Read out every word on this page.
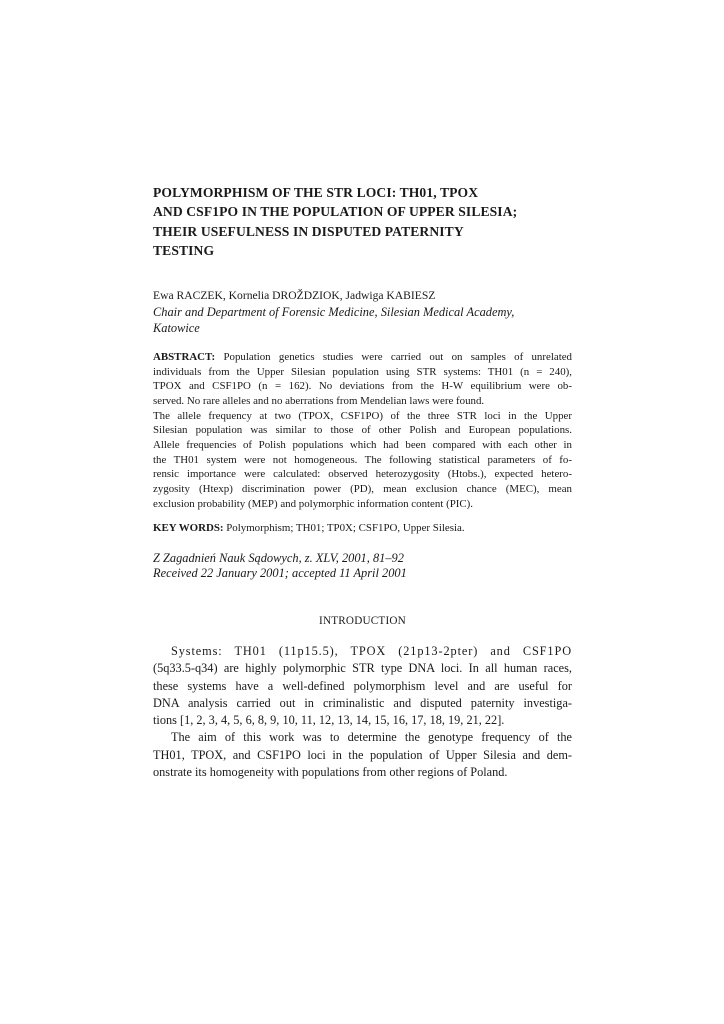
POLYMORPHISM OF THE STR LOCI: TH01, TPOX
AND CSF1PO IN THE POPULATION OF UPPER SILESIA;
THEIR USEFULNESS IN DISPUTED PATERNITY
TESTING
Ewa RACZEK, Kornelia DROŽDZIOK, Jadwiga KABIESZ
Chair and Department of Forensic Medicine, Silesian Medical Academy,
Katowice
ABSTRACT: Population genetics studies were carried out on samples of unrelated
individuals from the Upper Silesian population using STR systems: TH01 (n = 240),
TPOX and CSF1PO (n = 162). No deviations from the H-W equilibrium were ob-
served. No rare alleles and no aberrations from Mendelian laws were found.
The allele frequency at two (TPOX, CSF1PO) of the three STR loci in the Upper
Silesian population was similar to those of other Polish and European populations.
Allele frequencies of Polish populations which had been compared with each other in
the TH01 system were not homogeneous. The following statistical parameters of fo-
rensic importance were calculated: observed heterozygosity (Htobs.), expected hetero-
zygosity (Htexp) discrimination power (PD), mean exclusion chance (MEC), mean
exclusion probability (MEP) and polymorphic information content (PIC).
KEY WORDS: Polymorphism; TH01; TP0X; CSF1PO, Upper Silesia.
Z Zagadnień Nauk Sądowych, z. XLV, 2001, 81–92
Received 22 January 2001; accepted 11 April 2001
INTRODUCTION
Systems: TH01 (11p15.5), TPOX (21p13-2pter) and CSF1PO
(5q33.5-q34) are highly polymorphic STR type DNA loci. In all human races,
these systems have a well-defined polymorphism level and are useful for
DNA analysis carried out in criminalistic and disputed paternity investiga-
tions [1, 2, 3, 4, 5, 6, 8, 9, 10, 11, 12, 13, 14, 15, 16, 17, 18, 19, 21, 22].
The aim of this work was to determine the genotype frequency of the
TH01, TPOX, and CSF1PO loci in the population of Upper Silesia and dem-
onstrate its homogeneity with populations from other regions of Poland.
